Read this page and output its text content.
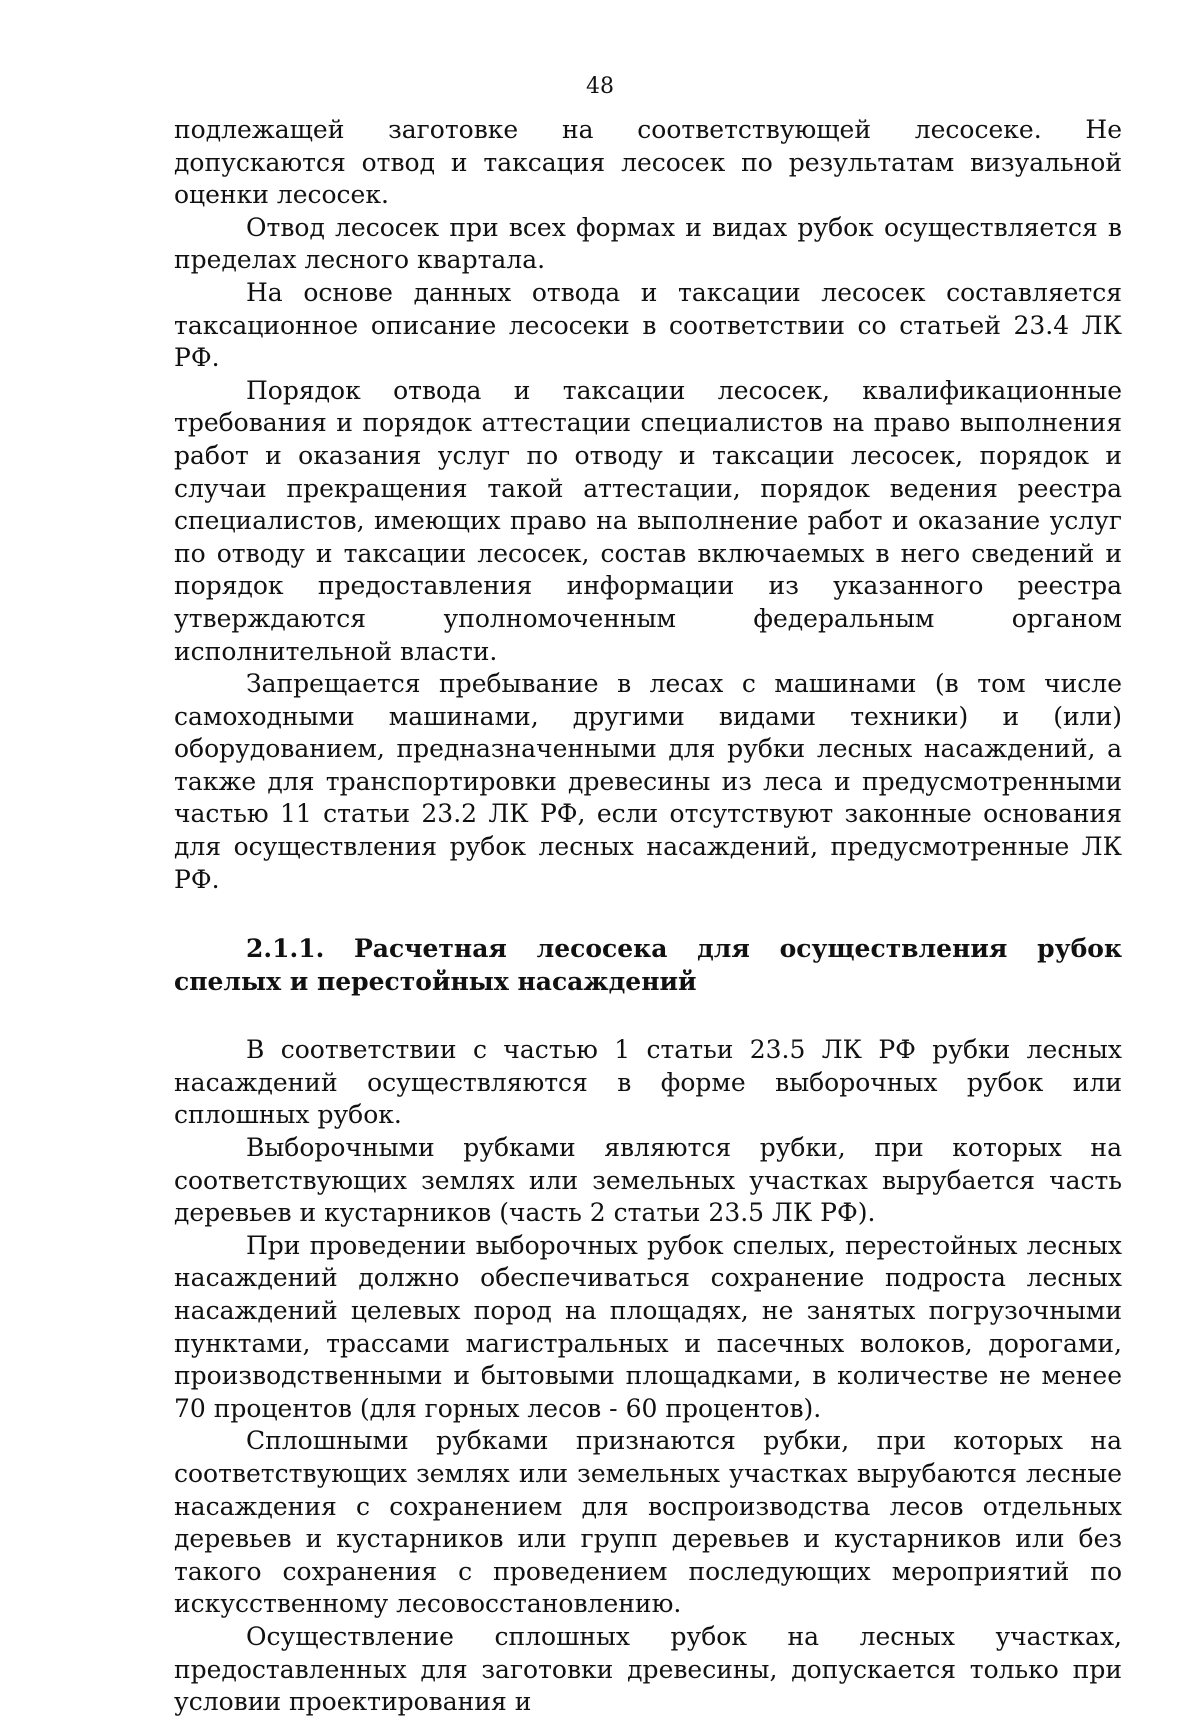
48

подлежащей заготовке на соответствующей лесосеке. Не допускаются отвод и таксация лесосек по результатам визуальной оценки лесосек.

Отвод лесосек при всех формах и видах рубок осуществляется в пределах лесного квартала.

На основе данных отвода и таксации лесосек составляется таксационное описание лесосеки в соответствии со статьей 23.4 ЛК РФ.

Порядок отвода и таксации лесосек, квалификационные требования и порядок аттестации специалистов на право выполнения работ и оказания услуг по отводу и таксации лесосек, порядок и случаи прекращения такой аттестации, порядок ведения реестра специалистов, имеющих право на выполнение работ и оказание услуг по отводу и таксации лесосек, состав включаемых в него сведений и порядок предоставления информации из указанного реестра утверждаются уполномоченным федеральным органом исполнительной власти.

Запрещается пребывание в лесах с машинами (в том числе самоходными машинами, другими видами техники) и (или) оборудованием, предназначенными для рубки лесных насаждений, а также для транспортировки древесины из леса и предусмотренными частью 11 статьи 23.2 ЛК РФ, если отсутствуют законные основания для осуществления рубок лесных насаждений, предусмотренные ЛК РФ.

2.1.1. Расчетная лесосека для осуществления рубок спелых и перестойных насаждений

В соответствии с частью 1 статьи 23.5 ЛК РФ рубки лесных насаждений осуществляются в форме выборочных рубок или сплошных рубок.

Выборочными рубками являются рубки, при которых на соответствующих землях или земельных участках вырубается часть деревьев и кустарников (часть 2 статьи 23.5 ЛК РФ).

При проведении выборочных рубок спелых, перестойных лесных насаждений должно обеспечиваться сохранение подроста лесных насаждений целевых пород на площадях, не занятых погрузочными пунктами, трассами магистральных и пасечных волоков, дорогами, производственными и бытовыми площадками, в количестве не менее 70 процентов (для горных лесов - 60 процентов).

Сплошными рубками признаются рубки, при которых на соответствующих землях или земельных участках вырубаются лесные насаждения с сохранением для воспроизводства лесов отдельных деревьев и кустарников или групп деревьев и кустарников или без такого сохранения с проведением последующих мероприятий по искусственному лесовосстановлению.

Осуществление сплошных рубок на лесных участках, предоставленных для заготовки древесины, допускается только при условии проектирования и
